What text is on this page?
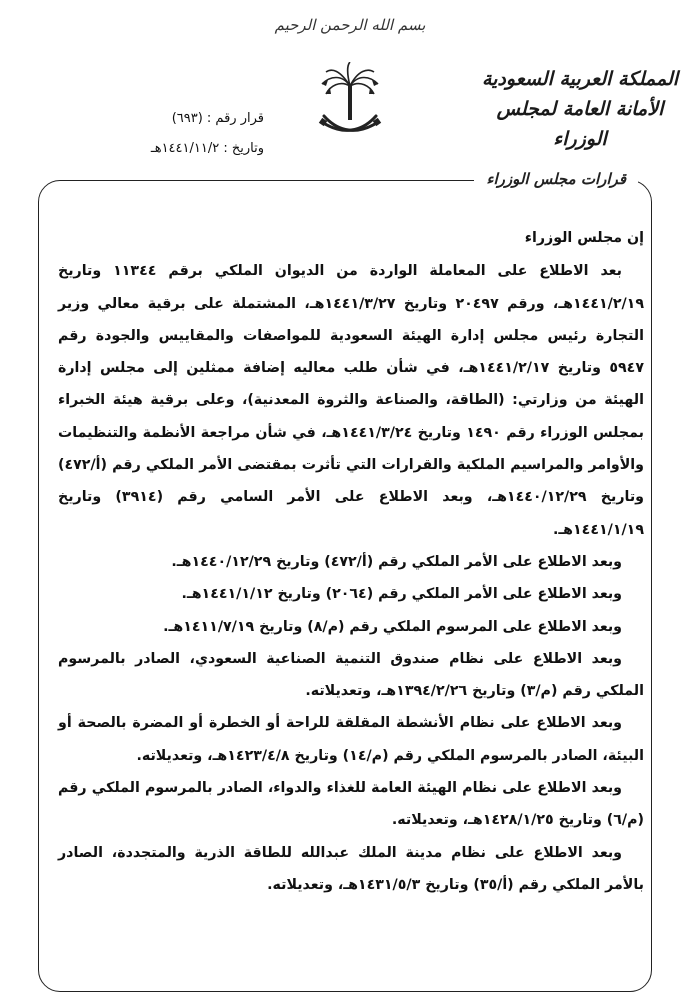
بسم الله الرحمن الرحيم
المملكة العربية السعودية
الأمانة العامة لمجلس الوزراء
قرار رقم : (٦٩٣)
وتاريخ : ١٤٤١/١١/٢هـ
قرارات مجلس الوزراء

إن مجلس الوزراء

بعد الاطلاع على المعاملة الواردة من الديوان الملكي برقم ١١٣٤٤ وتاريخ ١٤٤١/٢/١٩هـ، ورقم ٢٠٤٩٧ وتاريخ ١٤٤١/٣/٢٧هـ، المشتملة على برقية معالي وزير التجارة رئيس مجلس إدارة الهيئة السعودية للمواصفات والمقاييس والجودة رقم ٥٩٤٧ وتاريخ ١٤٤١/٢/١٧هـ، في شأن طلب معاليه إضافة ممثلين إلى مجلس إدارة الهيئة من وزارتي: (الطاقة، والصناعة والثروة المعدنية)، وعلى برقية هيئة الخبراء بمجلس الوزراء رقم ١٤٩٠ وتاريخ ١٤٤١/٣/٢٤هـ، في شأن مراجعة الأنظمة والتنظيمات والأوامر والمراسيم الملكية والقرارات التي تأثرت بمقتضى الأمر الملكي رقم (أ/٤٧٢) وتاريخ ١٤٤٠/١٢/٢٩هـ، وبعد الاطلاع على الأمر السامي رقم (٣٩١٤) وتاريخ ١٤٤١/١/١٩هـ.

وبعد الاطلاع على الأمر الملكي رقم (أ/٤٧٢) وتاريخ ١٤٤٠/١٢/٢٩هـ.

وبعد الاطلاع على الأمر الملكي رقم (٢٠٦٤) وتاريخ ١٤٤١/١/١٢هـ.

وبعد الاطلاع على المرسوم الملكي رقم (م/٨) وتاريخ ١٤١١/٧/١٩هـ.

وبعد الاطلاع على نظام صندوق التنمية الصناعية السعودي، الصادر بالمرسوم الملكي رقم (م/٣) وتاريخ ١٣٩٤/٢/٢٦هـ، وتعديلاته.

وبعد الاطلاع على نظام الأنشطة المقلقة للراحة أو الخطرة أو المضرة بالصحة أو البيئة، الصادر بالمرسوم الملكي رقم (م/١٤) وتاريخ ١٤٢٣/٤/٨هـ، وتعديلاته.

وبعد الاطلاع على نظام الهيئة العامة للغذاء والدواء، الصادر بالمرسوم الملكي رقم (م/٦) وتاريخ ١٤٢٨/١/٢٥هـ، وتعديلاته.

وبعد الاطلاع على نظام مدينة الملك عبدالله للطاقة الذرية والمتجددة، الصادر بالأمر الملكي رقم (أ/٣٥) وتاريخ ١٤٣١/٥/٣هـ، وتعديلاته.
